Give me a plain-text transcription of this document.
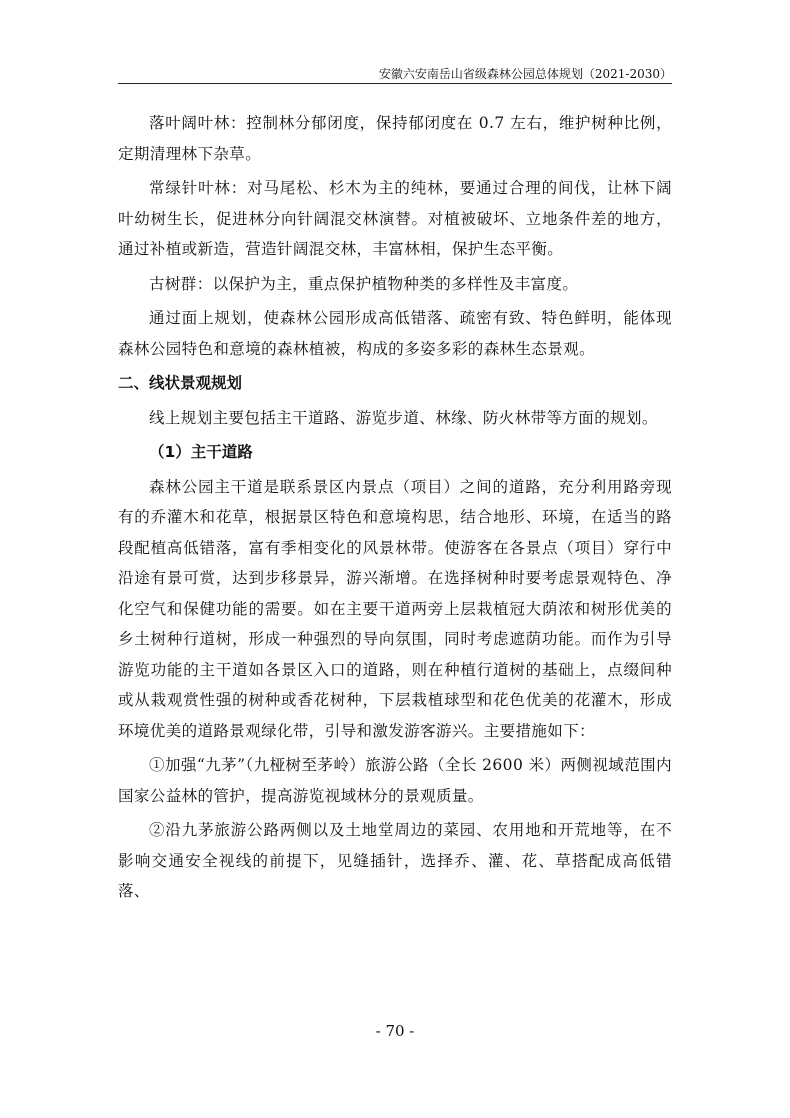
安徽六安南岳山省级森林公园总体规划（2021-2030）

落叶阔叶林：控制林分郁闭度，保持郁闭度在 0.7 左右，维护树种比例，定期清理林下杂草。

常绿针叶林：对马尾松、杉木为主的纯林，要通过合理的间伐，让林下阔叶幼树生长，促进林分向针阔混交林演替。对植被破坏、立地条件差的地方，通过补植或新造，营造针阔混交林，丰富林相，保护生态平衡。

古树群：以保护为主，重点保护植物种类的多样性及丰富度。

通过面上规划，使森林公园形成高低错落、疏密有致、特色鲜明，能体现森林公园特色和意境的森林植被，构成的多姿多彩的森林生态景观。

二、线状景观规划

线上规划主要包括主干道路、游览步道、林缘、防火林带等方面的规划。

（1）主干道路

森林公园主干道是联系景区内景点（项目）之间的道路，充分利用路旁现有的乔灌木和花草，根据景区特色和意境构思，结合地形、环境，在适当的路段配植高低错落，富有季相变化的风景林带。使游客在各景点（项目）穿行中沿途有景可赏，达到步移景异，游兴渐增。在选择树种时要考虑景观特色、净化空气和保健功能的需要。如在主要干道两旁上层栽植冠大荫浓和树形优美的乡土树种行道树，形成一种强烈的导向氛围，同时考虑遮荫功能。而作为引导游览功能的主干道如各景区入口的道路，则在种植行道树的基础上，点缀间种或从栽观赏性强的树种或香花树种，下层栽植球型和花色优美的花灌木，形成环境优美的道路景观绿化带，引导和激发游客游兴。主要措施如下：

①加强“九茅”（九桠树至茅岭）旅游公路（全长 2600 米）两侧视域范围内国家公益林的管护，提高游览视域林分的景观质量。

②沿九茅旅游公路两侧以及土地堂周边的菜园、农用地和开荒地等，在不影响交通安全视线的前提下，见缝插针，选择乔、灌、花、草搭配成高低错落、

- 70 -
